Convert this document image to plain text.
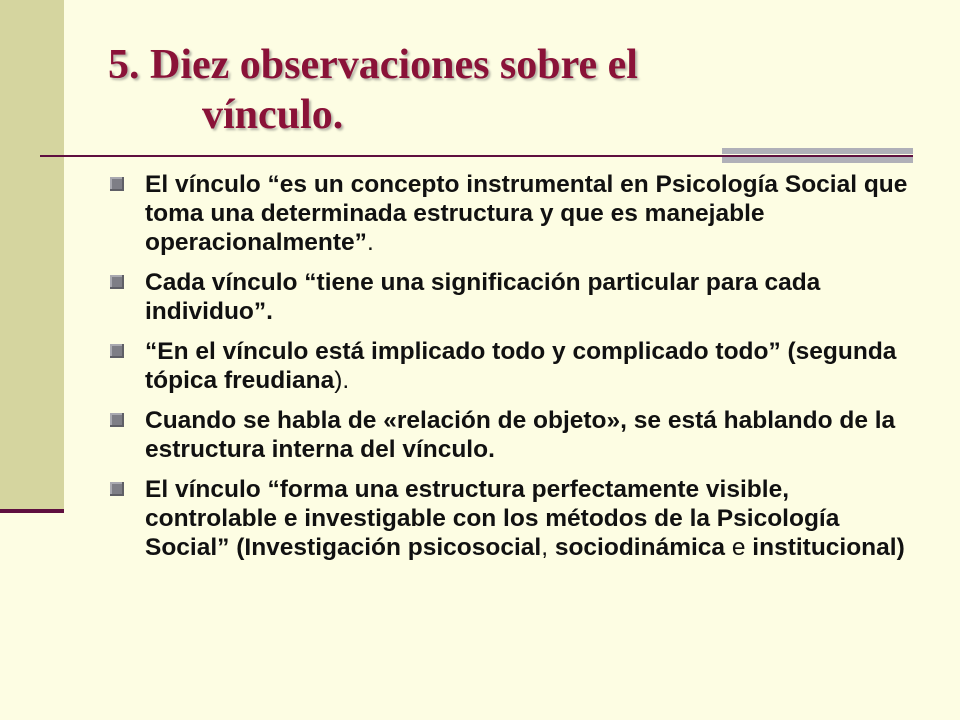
5. Diez observaciones sobre el
vínculo.
El vínculo “es un concepto instrumental en Psicología Social que toma una determinada estructura y que es manejable operacionalmente”.
Cada vínculo “tiene una significación particular para cada individuo”.
“En el vínculo está implicado todo y complicado todo” (segunda tópica freudiana).
Cuando se habla de «relación de objeto», se está hablando de la estructura interna del vínculo.
El vínculo “forma una estructura perfectamente visible, controlable e investigable con los métodos de la Psicología Social” (Investigación psicosocial, sociodinámica e institucional)
